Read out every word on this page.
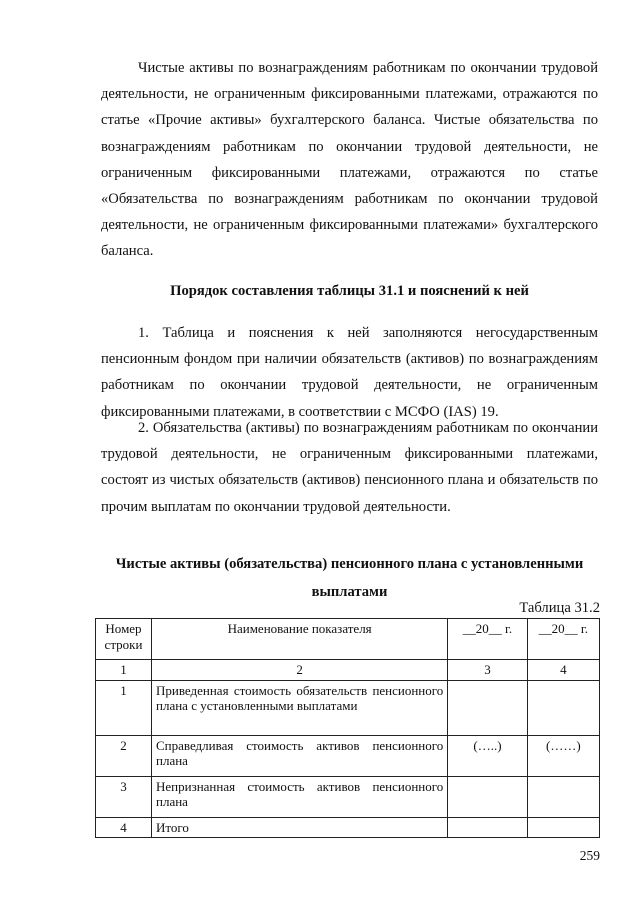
Чистые активы по вознаграждениям работникам по окончании трудовой деятельности, не ограниченным фиксированными платежами, отражаются по статье «Прочие активы» бухгалтерского баланса. Чистые обязательства по вознаграждениям работникам по окончании трудовой деятельности, не ограниченным фиксированными платежами, отражаются по статье «Обязательства по вознаграждениям работникам по окончании трудовой деятельности, не ограниченным фиксированными платежами» бухгалтерского баланса.

Порядок составления таблицы 31.1 и пояснений к ней

1. Таблица и пояснения к ней заполняются негосударственным пенсионным фондом при наличии обязательств (активов) по вознаграждениям работникам по окончании трудовой деятельности, не ограниченным фиксированными платежами, в соответствии с МСФО (IAS) 19.

2. Обязательства (активы) по вознаграждениям работникам по окончании трудовой деятельности, не ограниченным фиксированными платежами, состоят из чистых обязательств (активов) пенсионного плана и обязательств по прочим выплатам по окончании трудовой деятельности.

Чистые активы (обязательства) пенсионного плана с установленными выплатами

Таблица 31.2

Номер строки	Наименование показателя	__20__ г.	__20__ г.
1	2	3	4
1	Приведенная стоимость обязательств пенсионного плана с установленными выплатами		
2	Справедливая стоимость активов пенсионного плана	(…..)	(……)
3	Непризнанная стоимость активов пенсионного плана		
4	Итого		

259
